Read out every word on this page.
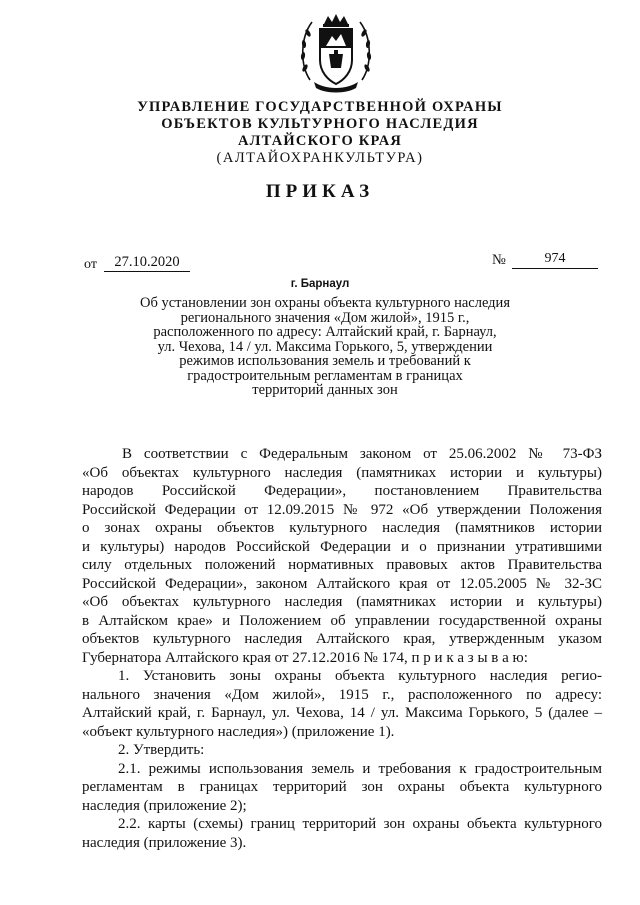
УПРАВЛЕНИЕ ГОСУДАРСТВЕННОЙ ОХРАНЫ
ОБЪЕКТОВ КУЛЬТУРНОГО НАСЛЕДИЯ
АЛТАЙСКОГО КРАЯ
(АЛТАЙОХРАНКУЛЬТУРА)
ПРИКАЗ
от	27.10.2020	№	974
г. Барнаул
Об установлении зон охраны объекта культурного наследия
регионального значения «Дом жилой», 1915 г.,
расположенного по адресу: Алтайский край, г. Барнаул,
ул. Чехова, 14 / ул. Максима Горького, 5, утверждении
режимов использования земель и требований к
градостроительным регламентам в границах
территорий данных зон
В соответствии с Федеральным законом от 25.06.2002 № 73-ФЗ
«Об объектах культурного наследия (памятниках истории и культуры)
народов Российской Федерации», постановлением Правительства
Российской Федерации от 12.09.2015 № 972 «Об утверждении Положения
о зонах охраны объектов культурного наследия (памятников истории
и культуры) народов Российской Федерации и о признании утратившими
силу отдельных положений нормативных правовых актов Правительства
Российской Федерации», законом Алтайского края от 12.05.2005 № 32-ЗС
«Об объектах культурного наследия (памятниках истории и культуры)
в Алтайском крае» и Положением об управлении государственной охраны
объектов культурного наследия Алтайского края, утвержденным указом
Губернатора Алтайского края от 27.12.2016 № 174, п р и к а з ы в а ю:
1. Установить зоны охраны объекта культурного наследия регио-
нального значения «Дом жилой», 1915 г., расположенного по адресу:
Алтайский край, г. Барнаул, ул. Чехова, 14 / ул. Максима Горького, 5 (далее –
«объект культурного наследия») (приложение 1).
2. Утвердить:
2.1. режимы использования земель и требования к градостроительным
регламентам в границах территорий зон охраны объекта культурного
наследия (приложение 2);
2.2. карты (схемы) границ территорий зон охраны объекта культурного
наследия (приложение 3).
